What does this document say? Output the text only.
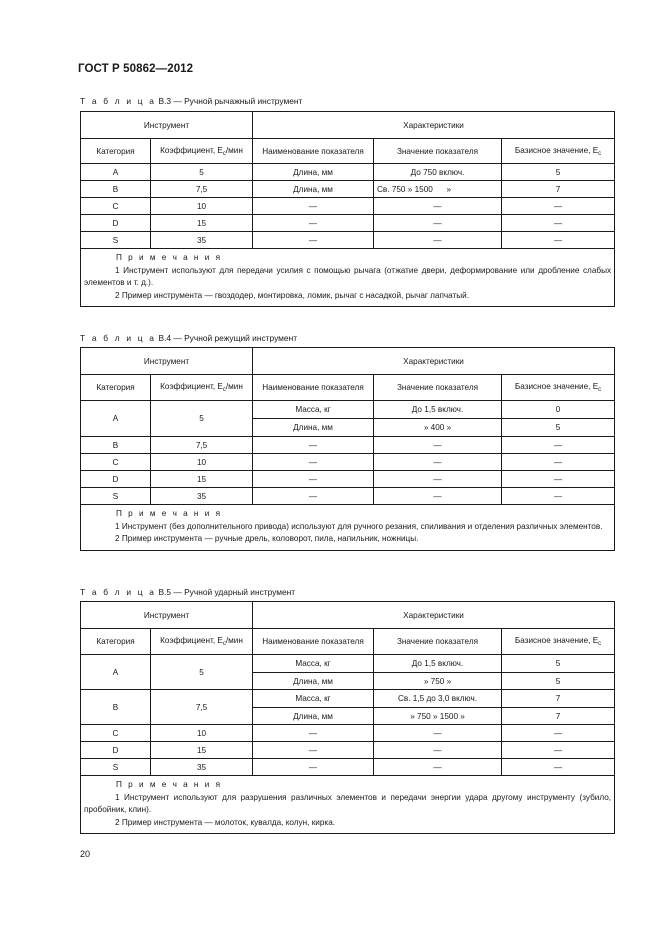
ГОСТ Р 50862—2012
Т а б л и ц а В.3 — Ручной рычажный инструмент
Инструмент		Характеристики		
Категория	Коэффициент, $E_c$/мин	Наименование показателя	Значение показателя	Базисное значение, $E_c$
A	5	Длина, мм	До 750 включ.	5
B	7,5	Длина, мм	Св. 750 » 1500      »	7
C	10	—	—	—
D	15	—	—	—
S	35	—	—	—

П р и м е ч а н и я
1 Инструмент используют для передачи усилия с помощью рычага (отжатие двери, деформирование или дробление слабых элементов и т. д.).
2 Пример инструмента — гвоздодер, монтировка, ломик, рычаг с насадкой, рычаг лапчатый.				
Т а б л и ц а В.4 — Ручной режущий инструмент
Инструмент		Характеристики		
Категория	Коэффициент, $E_c$/мин	Наименование показателя	Значение показателя	Базисное значение, $E_c$
A	5	Масса, кг	До 1,5 включ.	0
		Длина, мм	» 400 »	5
B	7,5	—	—	—
C	10	—	—	—
D	15	—	—	—
S	35	—	—	—

П р и м е ч а н и я
1 Инструмент (без дополнительного привода) используют для ручного резания, спиливания и отделения различных элементов.
2 Пример инструмента — ручные дрель, коловорот, пила, напильник, ножницы.				
Т а б л и ц а В.5 — Ручной ударный инструмент
Инструмент		Характеристики		
Категория	Коэффициент, $E_c$/мин	Наименование показателя	Значение показателя	Базисное значение, $E_c$
A	5	Масса, кг	До 1,5 включ.	5
		Длина, мм	» 750 »	5
B	7,5	Масса, кг	Св. 1,5 до 3,0 включ.	7
		Длина, мм	» 750 » 1500 »	7
C	10	—	—	—
D	15	—	—	—
S	35	—	—	—

П р и м е ч а н и я
1 Инструмент используют для разрушения различных элементов и передачи энергии удара другому инструменту (зубило, пробойник, клин).
2 Пример инструмента — молоток, кувалда, колун, кирка.				
20
